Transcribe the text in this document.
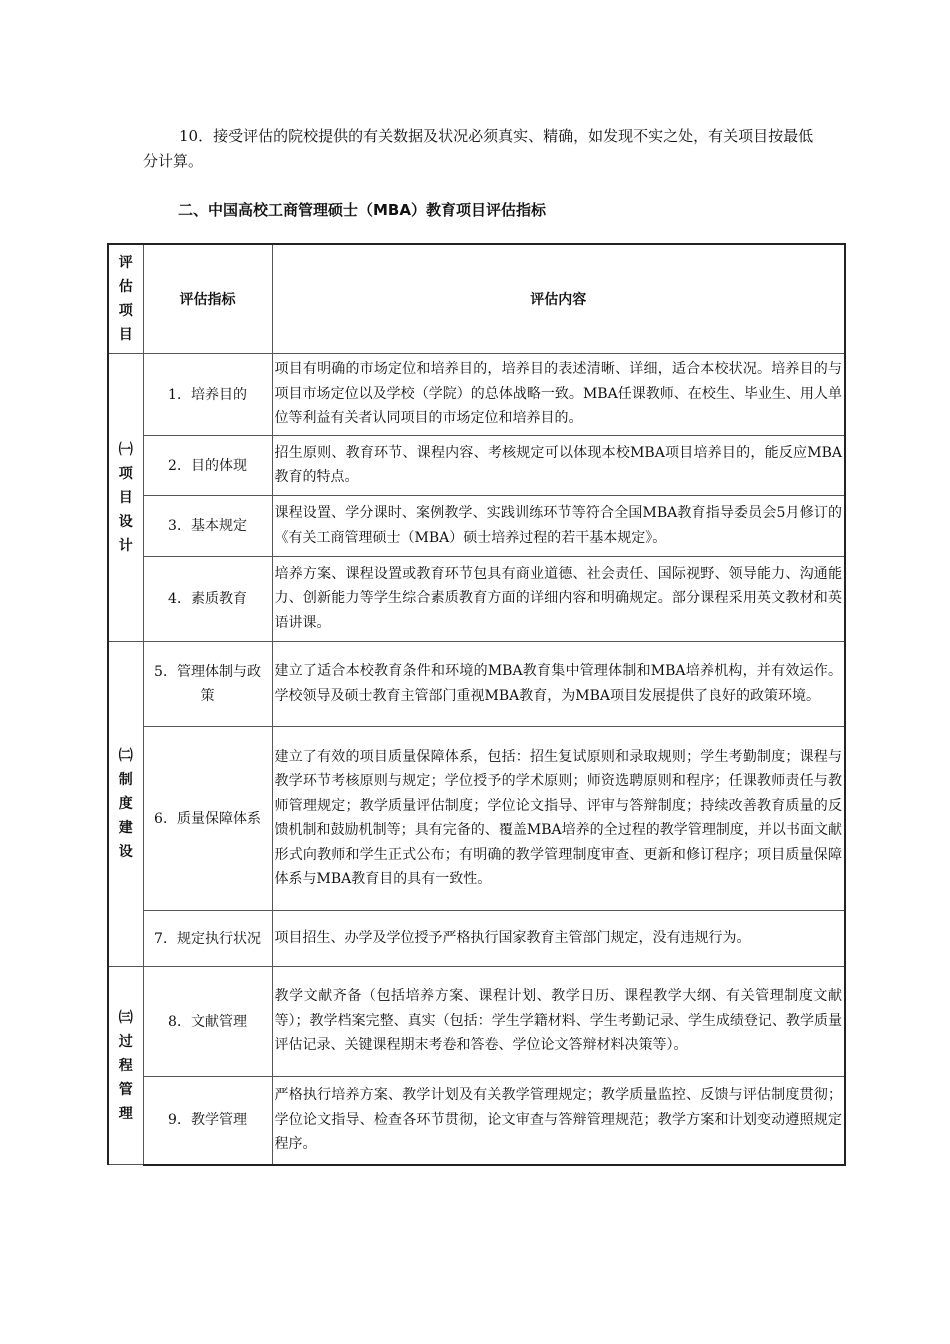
10．接受评估的院校提供的有关数据及状况必须真实、精确，如发现不实之处，有关项目按最低分计算。

二、中国高校工商管理硕士（MBA）教育项目评估指标
评
估
项
目	评估指标	评估内容

㈠
项
目
设
计	1．培养目的	项目有明确的市场定位和培养目的，培养目的表述清晰、详细，适合本校状况。培养目的与项目市场定位以及学校（学院）的总体战略一致。MBA任课教师、在校生、毕业生、用人单位等利益有关者认同项目的市场定位和培养目的。
	2．目的体现	招生原则、教育环节、课程内容、考核规定可以体现本校MBA项目培养目的，能反应MBA教育的特点。
	3．基本规定	课程设置、学分课时、案例教学、实践训练环节等符合全国MBA教育指导委员会5月修订的《有关工商管理硕士（MBA）硕士培养过程的若干基本规定》。
	4．素质教育	培养方案、课程设置或教育环节包具有商业道德、社会责任、国际视野、领导能力、沟通能力、创新能力等学生综合素质教育方面的详细内容和明确规定。部分课程采用英文教材和英语讲课。

㈡
制
度
建
设	5．管理体制与政策	建立了适合本校教育条件和环境的MBA教育集中管理体制和MBA培养机构，并有效运作。学校领导及硕士教育主管部门重视MBA教育，为MBA项目发展提供了良好的政策环境。
	6．质量保障体系	建立了有效的项目质量保障体系，包括：招生复试原则和录取规则；学生考勤制度；课程与教学环节考核原则与规定；学位授予的学术原则；师资选聘原则和程序；任课教师责任与教师管理规定；教学质量评估制度；学位论文指导、评审与答辩制度；持续改善教育质量的反馈机制和鼓励机制等；具有完备的、覆盖MBA培养的全过程的教学管理制度，并以书面文献形式向教师和学生正式公布；有明确的教学管理制度审查、更新和修订程序；项目质量保障体系与MBA教育目的具有一致性。
	7．规定执行状况	项目招生、办学及学位授予严格执行国家教育主管部门规定，没有违规行为。

㈢
过
程
管
理	8．文献管理	教学文献齐备（包括培养方案、课程计划、教学日历、课程教学大纲、有关管理制度文献等）；教学档案完整、真实（包括：学生学籍材料、学生考勤记录、学生成绩登记、教学质量评估记录、关键课程期末考卷和答卷、学位论文答辩材料决策等）。
	9．教学管理	严格执行培养方案、教学计划及有关教学管理规定；教学质量监控、反馈与评估制度贯彻；学位论文指导、检查各环节贯彻，论文审查与答辩管理规范；教学方案和计划变动遵照规定程序。
